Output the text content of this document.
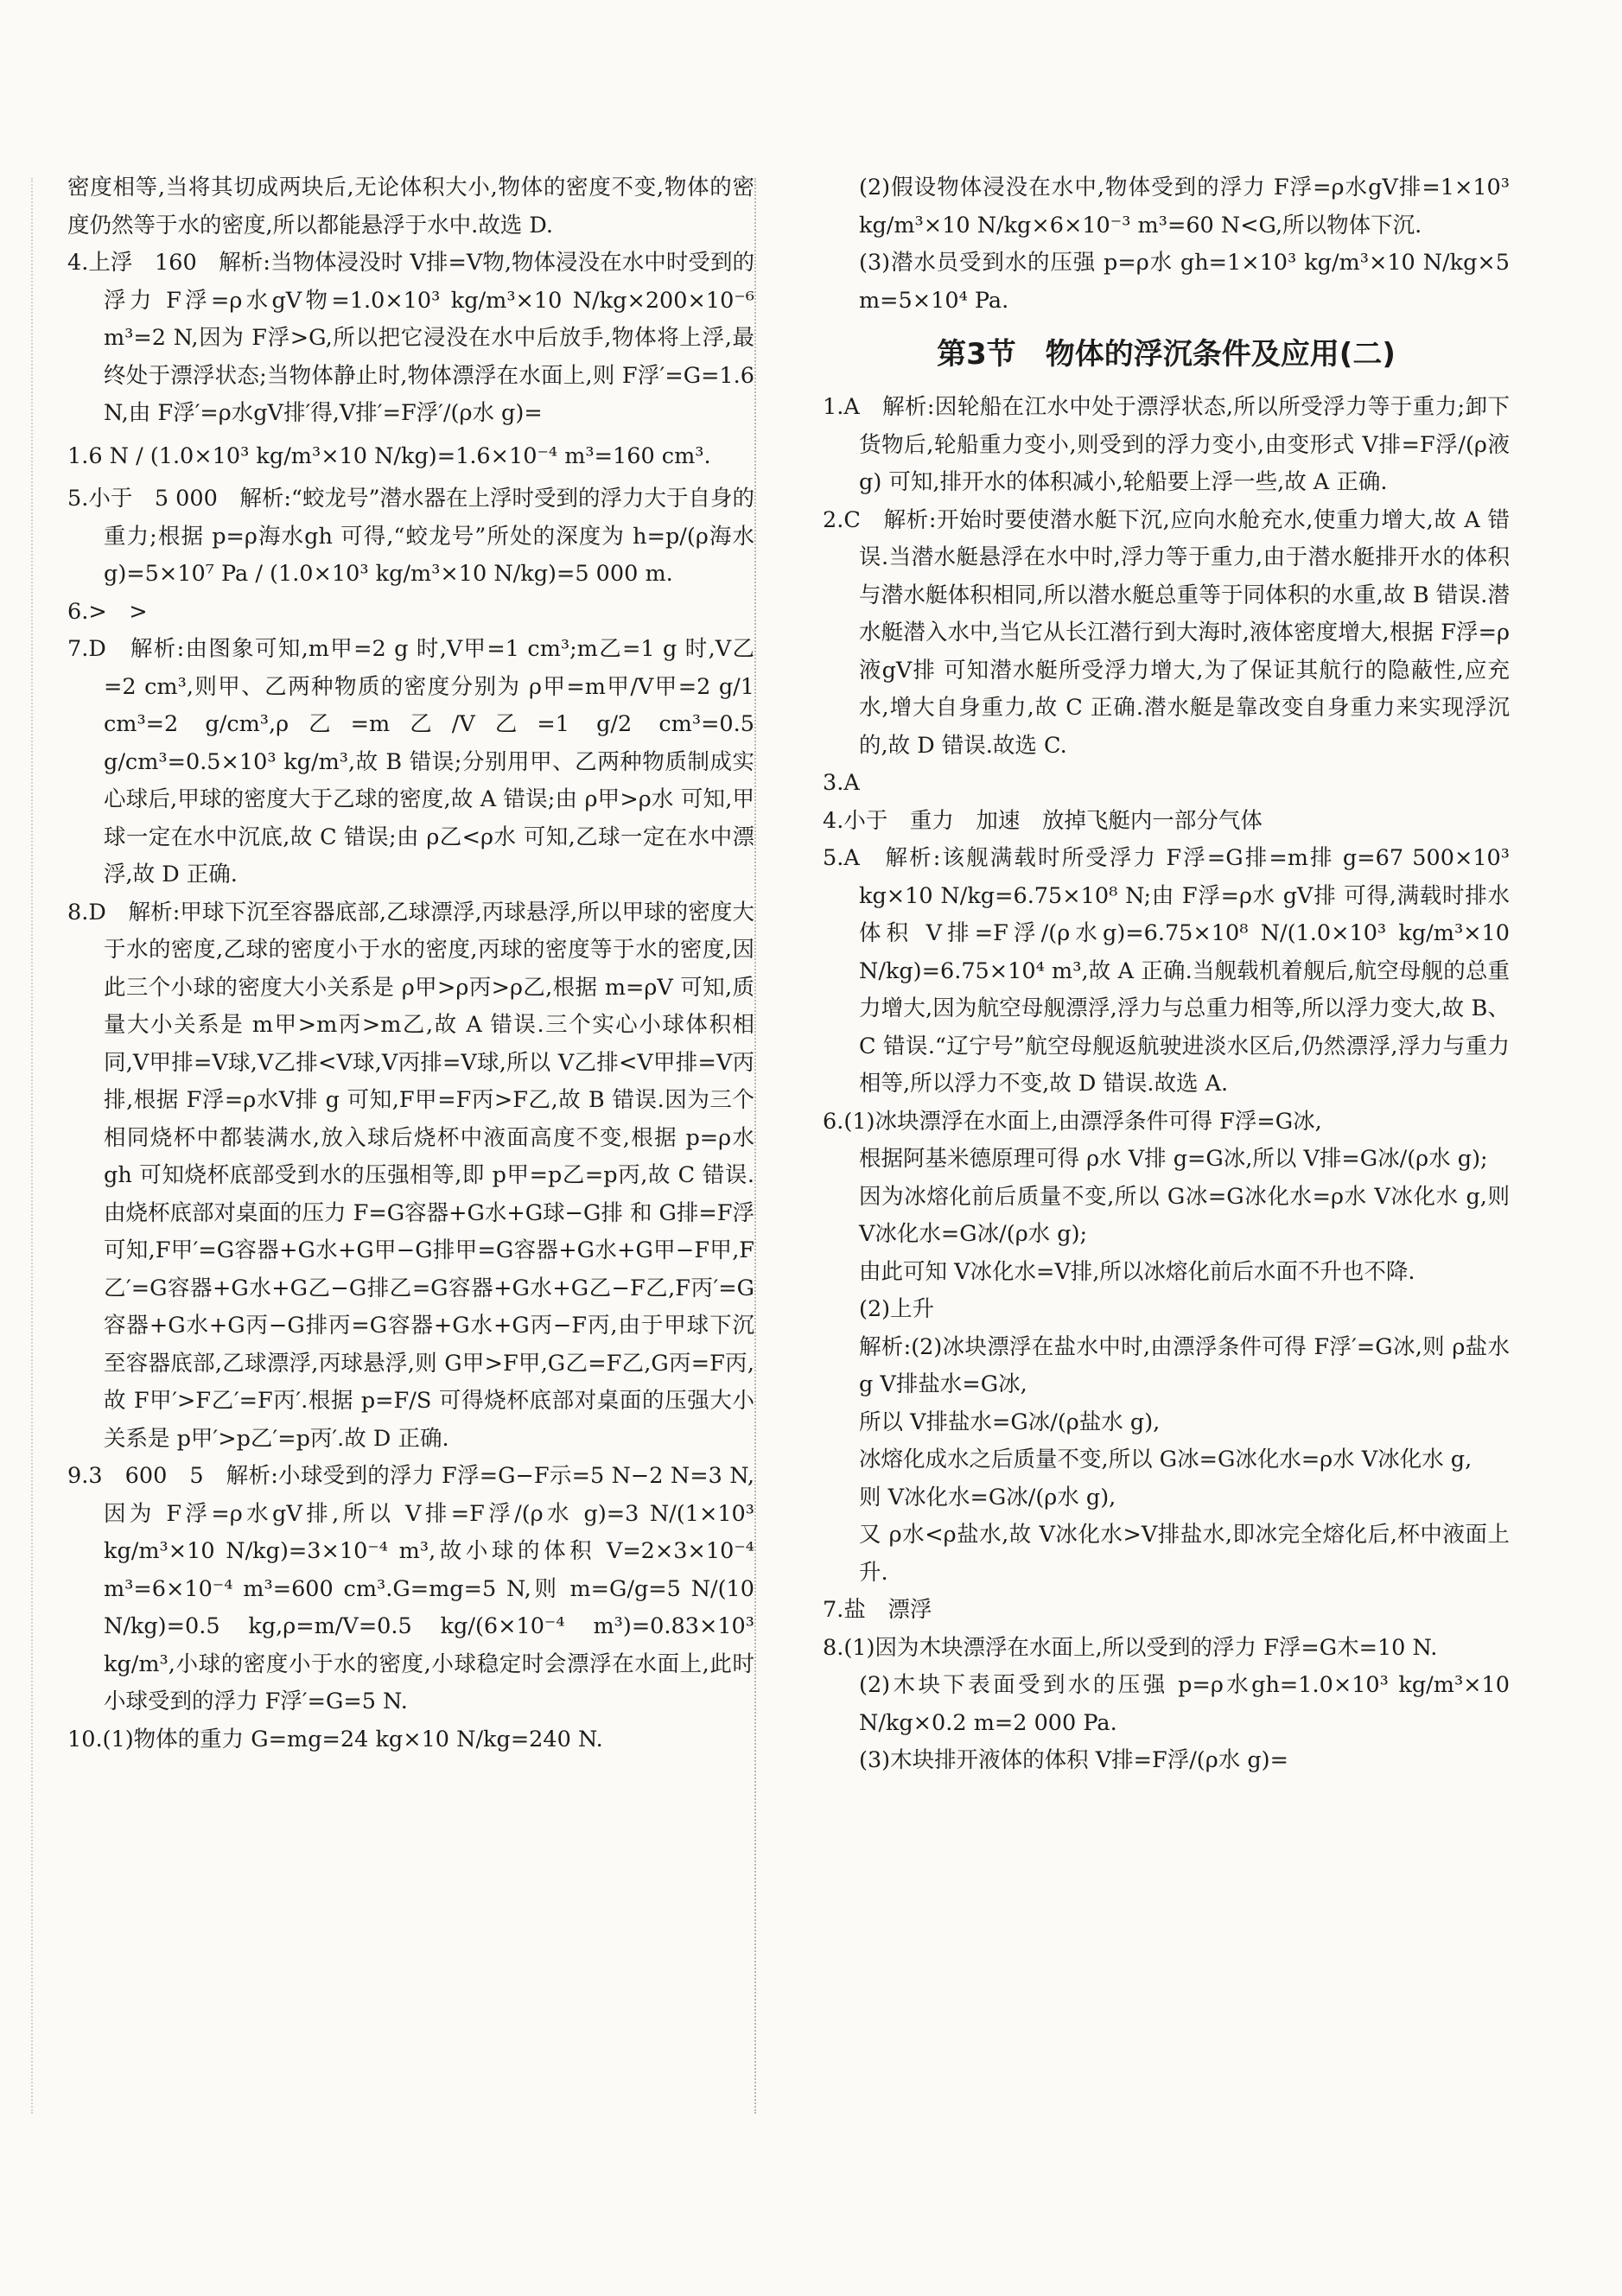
密度相等,当将其切成两块后,无论体积大小,物体的密度不变,物体的密度仍然等于水的密度,所以都能悬浮于水中.故选 D.

4.上浮　160　解析:当物体浸没时 V排=V物,物体浸没在水中时受到的浮力 F浮=ρ水gV物=1.0×10³ kg/m³×10 N/kg×200×10⁻⁶ m³=2 N,因为 F浮>G,所以把它浸没在水中后放手,物体将上浮,最终处于漂浮状态;当物体静止时,物体漂浮在水面上,则 F浮′=G=1.6 N,由 F浮′=ρ水gV排′得,V排′=F浮′/(ρ水 g)=

1.6 N / (1.0×10³ kg/m³×10 N/kg)=1.6×10⁻⁴ m³=160 cm³.

5.小于　5 000　解析:“蛟龙号”潜水器在上浮时受到的浮力大于自身的重力;根据 p=ρ海水gh 可得,“蛟龙号”所处的深度为 h=p/(ρ海水g)=5×10⁷ Pa / (1.0×10³ kg/m³×10 N/kg)=5 000 m.

6.>　>

7.D　解析:由图象可知,m甲=2 g 时,V甲=1 cm³;m乙=1 g 时,V乙=2 cm³,则甲、乙两种物质的密度分别为 ρ甲=m甲/V甲=2 g/1 cm³=2 g/cm³,ρ乙=m乙/V乙=1 g/2 cm³=0.5 g/cm³=0.5×10³ kg/m³,故 B 错误;分别用甲、乙两种物质制成实心球后,甲球的密度大于乙球的密度,故 A 错误;由 ρ甲>ρ水 可知,甲球一定在水中沉底,故 C 错误;由 ρ乙<ρ水 可知,乙球一定在水中漂浮,故 D 正确.

8.D　解析:甲球下沉至容器底部,乙球漂浮,丙球悬浮,所以甲球的密度大于水的密度,乙球的密度小于水的密度,丙球的密度等于水的密度,因此三个小球的密度大小关系是 ρ甲>ρ丙>ρ乙,根据 m=ρV 可知,质量大小关系是 m甲>m丙>m乙,故 A 错误.三个实心小球体积相同,V甲排=V球,V乙排<V球,V丙排=V球,所以 V乙排<V甲排=V丙排,根据 F浮=ρ水V排 g 可知,F甲=F丙>F乙,故 B 错误.因为三个相同烧杯中都装满水,放入球后烧杯中液面高度不变,根据 p=ρ水 gh 可知烧杯底部受到水的压强相等,即 p甲=p乙=p丙,故 C 错误.由烧杯底部对桌面的压力 F=G容器+G水+G球−G排 和 G排=F浮 可知,F甲′=G容器+G水+G甲−G排甲=G容器+G水+G甲−F甲,F乙′=G容器+G水+G乙−G排乙=G容器+G水+G乙−F乙,F丙′=G容器+G水+G丙−G排丙=G容器+G水+G丙−F丙,由于甲球下沉至容器底部,乙球漂浮,丙球悬浮,则 G甲>F甲,G乙=F乙,G丙=F丙,故 F甲′>F乙′=F丙′.根据 p=F/S 可得烧杯底部对桌面的压强大小关系是 p甲′>p乙′=p丙′.故 D 正确.

9.3　600　5　解析:小球受到的浮力 F浮=G−F示=5 N−2 N=3 N,因为 F浮=ρ水gV排,所以 V排=F浮/(ρ水 g)=3 N/(1×10³ kg/m³×10 N/kg)=3×10⁻⁴ m³,故小球的体积 V=2×3×10⁻⁴ m³=6×10⁻⁴ m³=600 cm³.G=mg=5 N,则 m=G/g=5 N/(10 N/kg)=0.5 kg,ρ=m/V=0.5 kg/(6×10⁻⁴ m³)=0.83×10³ kg/m³,小球的密度小于水的密度,小球稳定时会漂浮在水面上,此时小球受到的浮力 F浮′=G=5 N.

10.(1)物体的重力 G=mg=24 kg×10 N/kg=240 N.

(2)假设物体浸没在水中,物体受到的浮力 F浮=ρ水gV排=1×10³ kg/m³×10 N/kg×6×10⁻³ m³=60 N<G,所以物体下沉.

(3)潜水员受到水的压强 p=ρ水 gh=1×10³ kg/m³×10 N/kg×5 m=5×10⁴ Pa.

第3节　物体的浮沉条件及应用(二)

1.A　解析:因轮船在江水中处于漂浮状态,所以所受浮力等于重力;卸下货物后,轮船重力变小,则受到的浮力变小,由变形式 V排=F浮/(ρ液 g) 可知,排开水的体积减小,轮船要上浮一些,故 A 正确.

2.C　解析:开始时要使潜水艇下沉,应向水舱充水,使重力增大,故 A 错误.当潜水艇悬浮在水中时,浮力等于重力,由于潜水艇排开水的体积与潜水艇体积相同,所以潜水艇总重等于同体积的水重,故 B 错误.潜水艇潜入水中,当它从长江潜行到大海时,液体密度增大,根据 F浮=ρ液gV排 可知潜水艇所受浮力增大,为了保证其航行的隐蔽性,应充水,增大自身重力,故 C 正确.潜水艇是靠改变自身重力来实现浮沉的,故 D 错误.故选 C.

3.A

4.小于　重力　加速　放掉飞艇内一部分气体

5.A　解析:该舰满载时所受浮力 F浮=G排=m排 g=67 500×10³ kg×10 N/kg=6.75×10⁸ N;由 F浮=ρ水 gV排 可得,满载时排水体积 V排=F浮/(ρ水g)=6.75×10⁸ N/(1.0×10³ kg/m³×10 N/kg)=6.75×10⁴ m³,故 A 正确.当舰载机着舰后,航空母舰的总重力增大,因为航空母舰漂浮,浮力与总重力相等,所以浮力变大,故 B、C 错误.“辽宁号”航空母舰返航驶进淡水区后,仍然漂浮,浮力与重力相等,所以浮力不变,故 D 错误.故选 A.

6.(1)冰块漂浮在水面上,由漂浮条件可得 F浮=G冰,

根据阿基米德原理可得 ρ水 V排 g=G冰,所以 V排=G冰/(ρ水 g);

因为冰熔化前后质量不变,所以 G冰=G冰化水=ρ水 V冰化水 g,则 V冰化水=G冰/(ρ水 g);

由此可知 V冰化水=V排,所以冰熔化前后水面不升也不降.

(2)上升

解析:(2)冰块漂浮在盐水中时,由漂浮条件可得 F浮′=G冰,则 ρ盐水 g V排盐水=G冰,

所以 V排盐水=G冰/(ρ盐水 g),

冰熔化成水之后质量不变,所以 G冰=G冰化水=ρ水 V冰化水 g,

则 V冰化水=G冰/(ρ水 g),

又 ρ水<ρ盐水,故 V冰化水>V排盐水,即冰完全熔化后,杯中液面上升.

7.盐　漂浮

8.(1)因为木块漂浮在水面上,所以受到的浮力 F浮=G木=10 N.

(2)木块下表面受到水的压强 p=ρ水gh=1.0×10³ kg/m³×10 N/kg×0.2 m=2 000 Pa.

(3)木块排开液体的体积 V排=F浮/(ρ水 g)=
